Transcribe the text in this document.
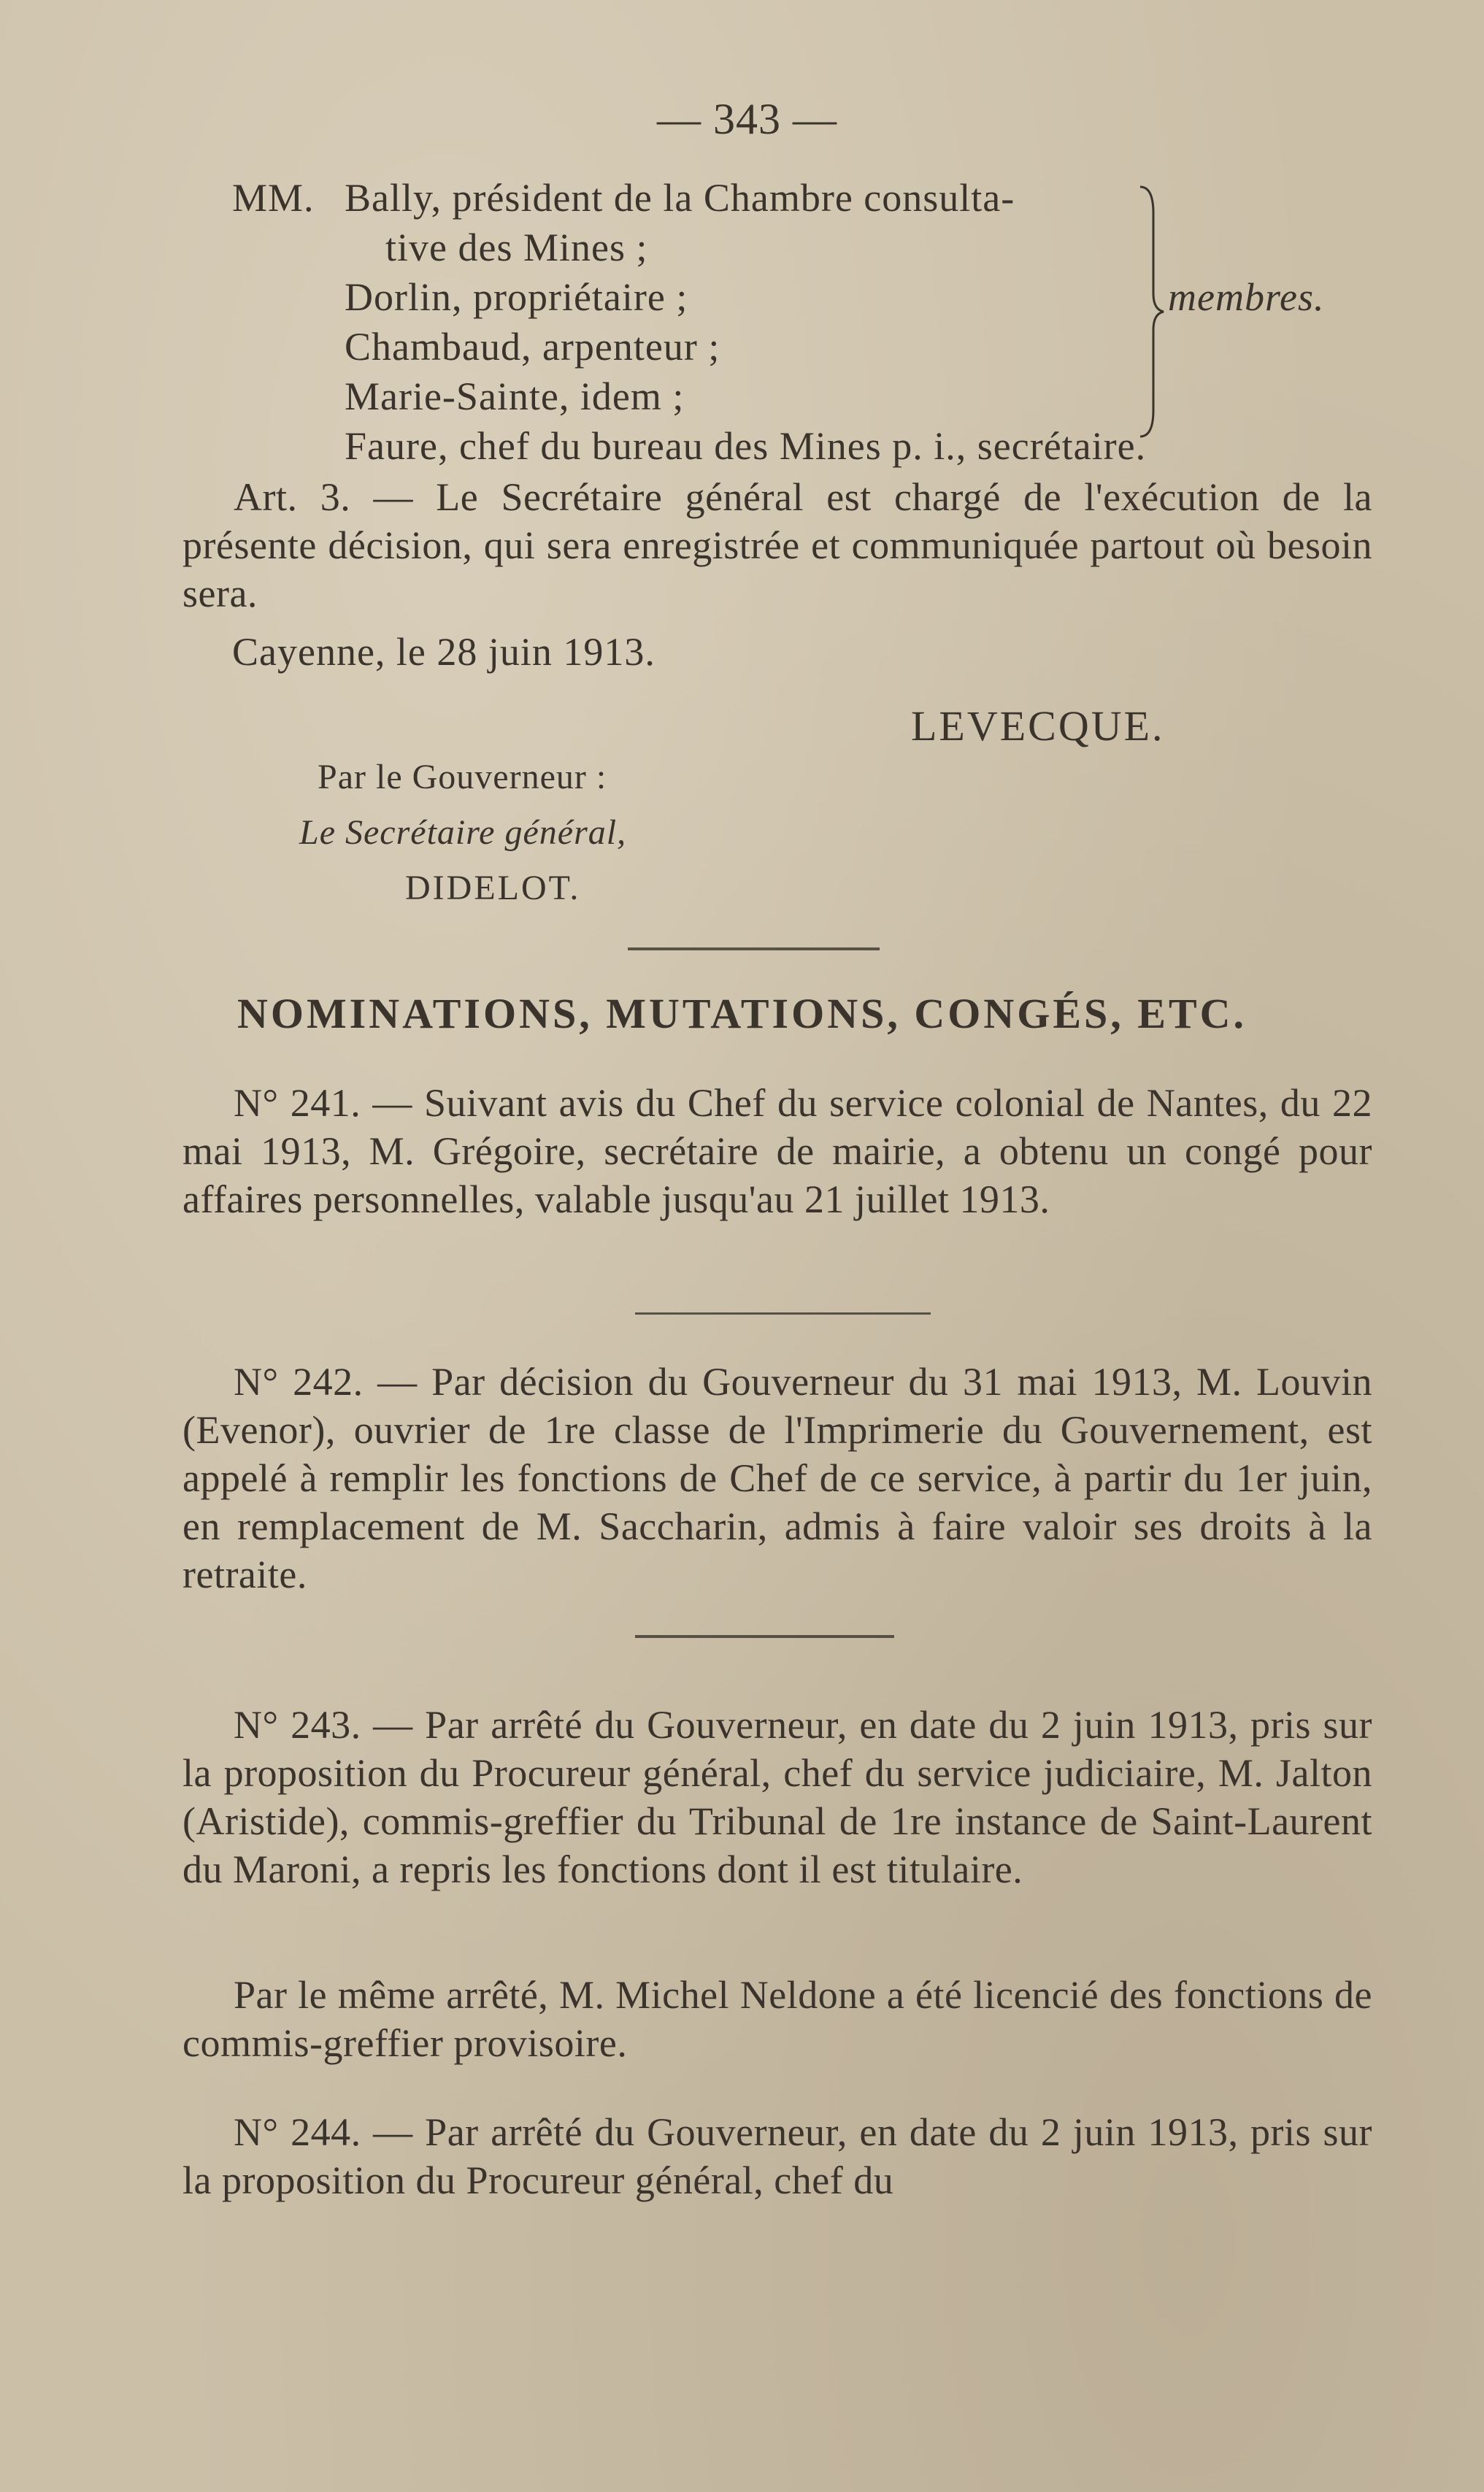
— 343 —
MM. Bally, président de la Chambre consulta-
tive des Mines ;
Dorlin, propriétaire ;
Chambaud, arpenteur ;
Marie-Sainte, idem ;
membres.
Faure, chef du bureau des Mines p. i., secrétaire.

Art. 3. — Le Secrétaire général est chargé de l'exécution de la présente décision, qui sera enregistrée et communiquée partout où besoin sera.

Cayenne, le 28 juin 1913.
LEVECQUE.
Par le Gouverneur :
Le Secrétaire général,
DIDELOT.
NOMINATIONS, MUTATIONS, CONGÉS, ETC.

N° 241. — Suivant avis du Chef du service colonial de Nantes, du 22 mai 1913, M. Grégoire, secrétaire de mairie, a obtenu un congé pour affaires personnelles, valable jusqu'au 21 juillet 1913.

N° 242. — Par décision du Gouverneur du 31 mai 1913, M. Louvin (Evenor), ouvrier de 1re classe de l'Imprimerie du Gouvernement, est appelé à remplir les fonctions de Chef de ce service, à partir du 1er juin, en remplacement de M. Saccharin, admis à faire valoir ses droits à la retraite.

N° 243. — Par arrêté du Gouverneur, en date du 2 juin 1913, pris sur la proposition du Procureur général, chef du service judiciaire, M. Jalton (Aristide), commis-greffier du Tribunal de 1re instance de Saint-Laurent du Maroni, a repris les fonctions dont il est titulaire.

Par le même arrêté, M. Michel Neldone a été licencié des fonctions de commis-greffier provisoire.

N° 244. — Par arrêté du Gouverneur, en date du 2 juin 1913, pris sur la proposition du Procureur général, chef du
